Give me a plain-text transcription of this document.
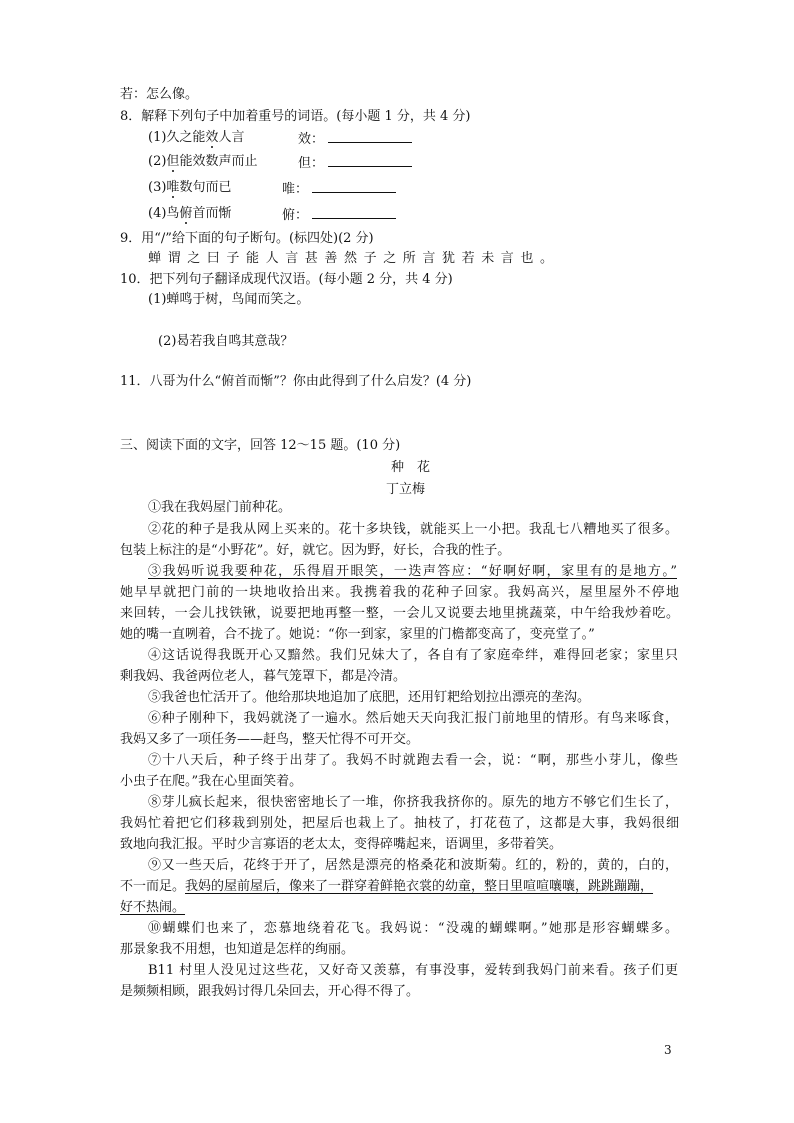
若：怎么像。
8．解释下列句子中加着重号的词语。(每小题 1 分，共 4 分)
(1)久之能效人言	效：
(2)但能效数声而止	但：
(3)唯数句而已	唯：
(4)鸟俯首而惭	俯：
9．用“/”给下面的句子断句。(标四处)(2 分)
蝉谓之曰子能人言甚善然子之所言犹若未言也。
10．把下列句子翻译成现代汉语。(每小题 2 分，共 4 分)
(1)蝉鸣于树，鸟闻而笑之。
(2)曷若我自鸣其意哉？
11．八哥为什么“俯首而惭”？你由此得到了什么启发？(4 分)
三、阅读下面的文字，回答 12～15 题。(10 分)
种　花
丁立梅
①我在我妈屋门前种花。
②花的种子是我从网上买来的。花十多块钱，就能买上一小把。我乱七八糟地买了很多。
包装上标注的是“小野花”。好，就它。因为野，好长，合我的性子。
③我妈听说我要种花，乐得眉开眼笑，一迭声答应：“好啊好啊，家里有的是地方。”
她早早就把门前的一块地收拾出来。我携着我的花种子回家。我妈高兴，屋里屋外不停地
来回转，一会儿找铁锹，说要把地再整一整，一会儿又说要去地里挑蔬菜，中午给我炒着吃。
她的嘴一直咧着，合不拢了。她说：“你一到家，家里的门檐都变高了，变亮堂了。”
④这话说得我既开心又黯然。我们兄妹大了，各自有了家庭牵绊，难得回老家；家里只
剩我妈、我爸两位老人，暮气笼罩下，都是冷清。
⑤我爸也忙活开了。他给那块地追加了底肥，还用钉耙给划拉出漂亮的垄沟。
⑥种子刚种下，我妈就浇了一遍水。然后她天天向我汇报门前地里的情形。有鸟来啄食，
我妈又多了一项任务——赶鸟，整天忙得不可开交。
⑦十八天后，种子终于出芽了。我妈不时就跑去看一会，说：“啊，那些小芽儿，像些
小虫子在爬。”我在心里面笑着。
⑧芽儿疯长起来，很快密密地长了一堆，你挤我我挤你的。原先的地方不够它们生长了，
我妈忙着把它们移栽到别处，把屋后也栽上了。抽枝了，打花苞了，这都是大事，我妈很细
致地向我汇报。平时少言寡语的老太太，变得碎嘴起来，语调里，多带着笑。
⑨又一些天后，花终于开了，居然是漂亮的格桑花和波斯菊。红的，粉的，黄的，白的，
不一而足。我妈的屋前屋后，像来了一群穿着鲜艳衣裳的幼童，整日里喧喧嚷嚷，跳跳蹦蹦，
好不热闹。
⑩蝴蝶们也来了，恋慕地绕着花飞。我妈说：“没魂的蝴蝶啊。”她那是形容蝴蝶多。
那景象我不用想，也知道是怎样的绚丽。
B11 村里人没见过这些花，又好奇又羡慕，有事没事，爱转到我妈门前来看。孩子们更
是频频相顾，跟我妈讨得几朵回去，开心得不得了。
3
